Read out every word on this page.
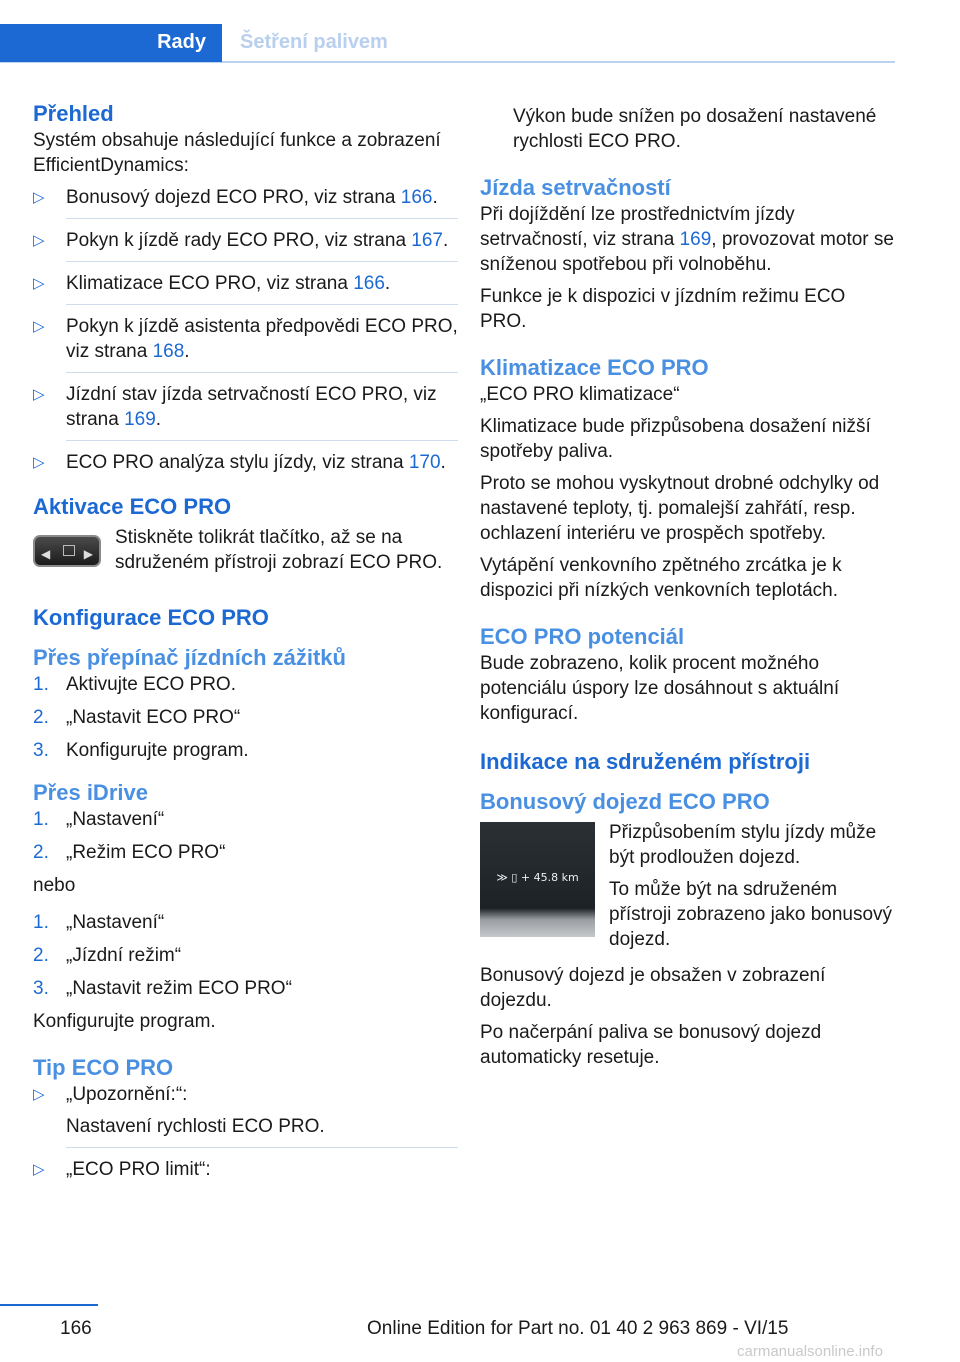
Rady	Šetření palivem
Přehled

Systém obsahuje následující funkce a zobrazení EfficientDynamics:

▷ Bonusový dojezd ECO PRO, viz strana 166.
▷ Pokyn k jízdě rady ECO PRO, viz strana 167.
▷ Klimatizace ECO PRO, viz strana 166.
▷ Pokyn k jízdě asistenta předpovědi ECO PRO, viz strana 168.
▷ Jízdní stav jízda setrvačností ECO PRO, viz strana 169.
▷ ECO PRO analýza stylu jízdy, viz strana 170.
Aktivace ECO PRO
◀	▶

Stiskněte tolikrát tlačítko, až se na sdruženém přístroji zobrazí ECO PRO.

Konfigurace ECO PRO
Přes přepínač jízdních zážitků
1. Aktivujte ECO PRO.
2. „Nastavit ECO PRO“
3. Konfigurujte program.
Přes iDrive
1. „Nastavení“
2. „Režim ECO PRO“

nebo

1. „Nastavení“
2. „Jízdní režim“
3. „Nastavit režim ECO PRO“

Konfigurujte program.

Tip ECO PRO
▷ „Upozornění:“:
Nastavení rychlosti ECO PRO.
▷ „ECO PRO limit“:

Výkon bude snížen po dosažení nastavené rychlosti ECO PRO.

Jízda setrvačností

Při dojíždění lze prostřednictvím jízdy setrvačností, viz strana 169, provozovat motor se sníženou spotřebou při volnoběhu.

Funkce je k dispozici v jízdním režimu ECO PRO.

Klimatizace ECO PRO

„ECO PRO klimatizace“

Klimatizace bude přizpůsobena dosažení nižší spotřeby paliva.

Proto se mohou vyskytnout drobné odchylky od nastavené teploty, tj. pomalejší zahřátí, resp. ochlazení interiéru ve prospěch spotřeby.

Vytápění venkovního zpětného zrcátka je k dispozici při nízkých venkovních teplotách.

ECO PRO potenciál

Bude zobrazeno, kolik procent možného potenciálu úspory lze dosáhnout s aktuální konfigurací.

Indikace na sdruženém přístroji
Bonusový dojezd ECO PRO
≫ ▯ + 45.8 km

Přizpůsobením stylu jízdy může být prodloužen dojezd.

To může být na sdruženém přístroji zobrazeno jako bonusový dojezd.

Bonusový dojezd je obsažen v zobrazení dojezdu.

Po načerpání paliva se bonusový dojezd automaticky resetuje.

166	Online Edition for Part no. 01 40 2 963 869 - VI/15
carmanualsonline.info
